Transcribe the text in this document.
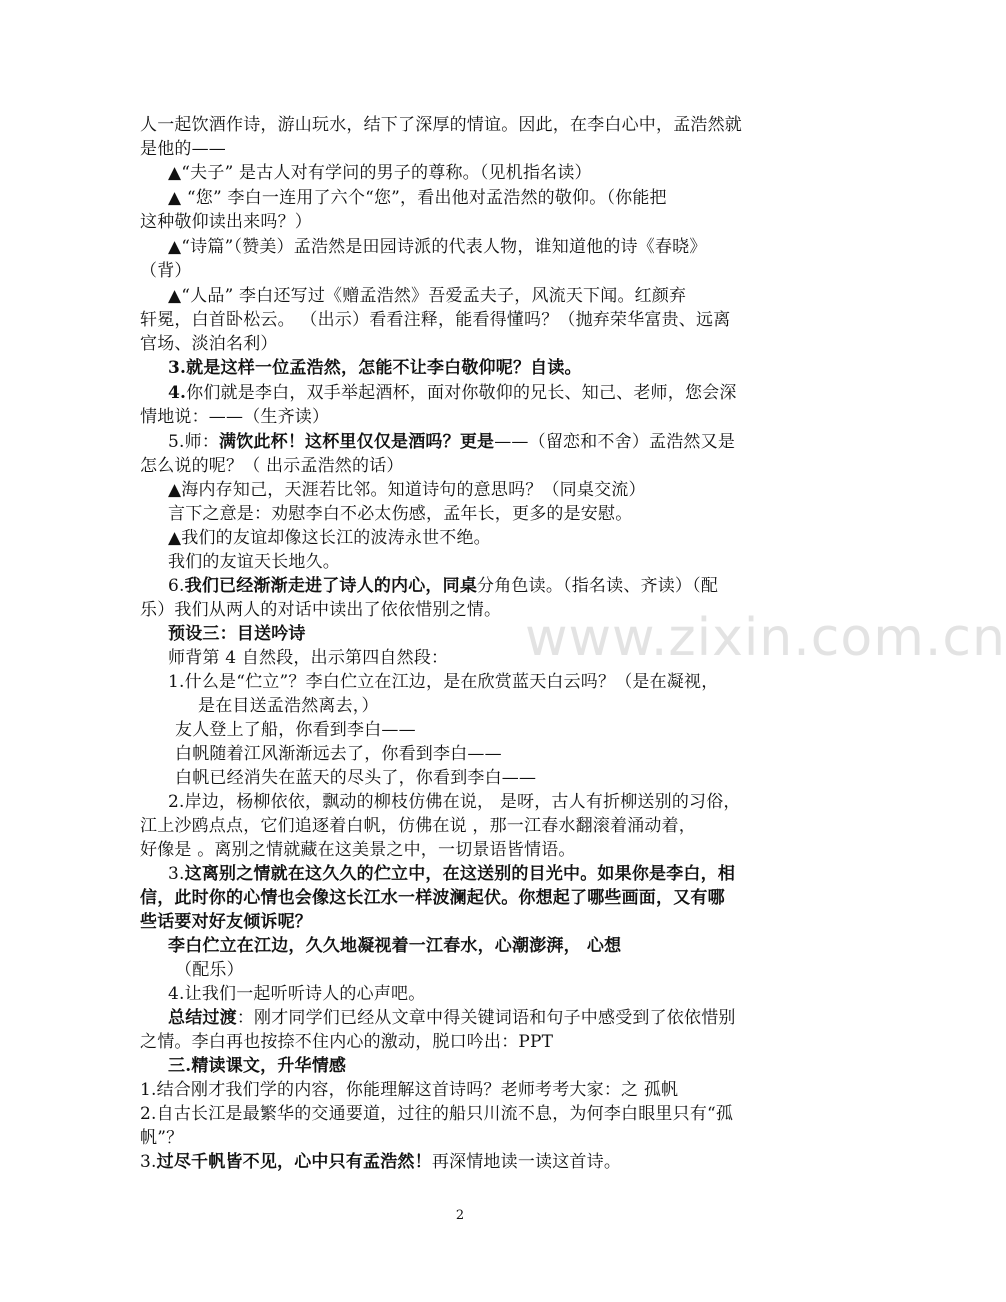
www.zixin.com.cn
人一起饮酒作诗，游山玩水，结下了深厚的情谊。因此，在李白心中，孟浩然就
是他的——
▲“夫子” 是古人对有学问的男子的尊称。（见机指名读）
▲ “您” 李白一连用了六个“您”，看出他对孟浩然的敬仰。（你能把
这种敬仰读出来吗？）
▲“诗篇”（赞美）孟浩然是田园诗派的代表人物，谁知道他的诗《春晓》
（背）
▲“人品” 李白还写过《赠孟浩然》吾爱孟夫子，风流天下闻。红颜弃
轩冕，白首卧松云。 （出示）看看注释，能看得懂吗？（抛弃荣华富贵、远离
官场、淡泊名利）
3.就是这样一位孟浩然，怎能不让李白敬仰呢？自读。
4.你们就是李白，双手举起酒杯，面对你敬仰的兄长、知己、老师，您会深
情地说：——（生齐读）
5.师：满饮此杯！这杯里仅仅是酒吗？更是——（留恋和不舍）孟浩然又是
怎么说的呢？（ 出示孟浩然的话）
▲海内存知己，天涯若比邻。知道诗句的意思吗？（同桌交流）
言下之意是：劝慰李白不必太伤感，孟年长，更多的是安慰。
▲我们的友谊却像这长江的波涛永世不绝。
我们的友谊天长地久。
6.我们已经渐渐走进了诗人的内心，同桌分角色读。（指名读、齐读）（配
乐）我们从两人的对话中读出了依依惜别之情。
预设三：目送吟诗
师背第 4 自然段，出示第四自然段：
1.什么是“伫立”？李白伫立在江边，是在欣赏蓝天白云吗？（是在凝视，
是在目送孟浩然离去，）
友人登上了船，你看到李白——
白帆随着江风渐渐远去了，你看到李白——
白帆已经消失在蓝天的尽头了，你看到李白——
2.岸边，杨柳依依，飘动的柳枝仿佛在说， 是呀，古人有折柳送别的习俗，
江上沙鸥点点，它们追逐着白帆，仿佛在说 ，那一江春水翻滚着涌动着，
好像是 。离别之情就藏在这美景之中，一切景语皆情语。
3.这离别之情就在这久久的伫立中，在这送别的目光中。如果你是李白，相
信，此时你的心情也会像这长江水一样波澜起伏。你想起了哪些画面，又有哪
些话要对好友倾诉呢？
李白伫立在江边，久久地凝视着一江春水，心潮澎湃， 心想
（配乐）
4.让我们一起听听诗人的心声吧。
总结过渡：刚才同学们已经从文章中得关键词语和句子中感受到了依依惜别
之情。李白再也按捺不住内心的激动，脱口吟出：PPT
三.精读课文，升华情感
1.结合刚才我们学的内容，你能理解这首诗吗？老师考考大家：之 孤帆
2.自古长江是最繁华的交通要道，过往的船只川流不息，为何李白眼里只有“孤
帆”？
3.过尽千帆皆不见，心中只有孟浩然！再深情地读一读这首诗。
2
